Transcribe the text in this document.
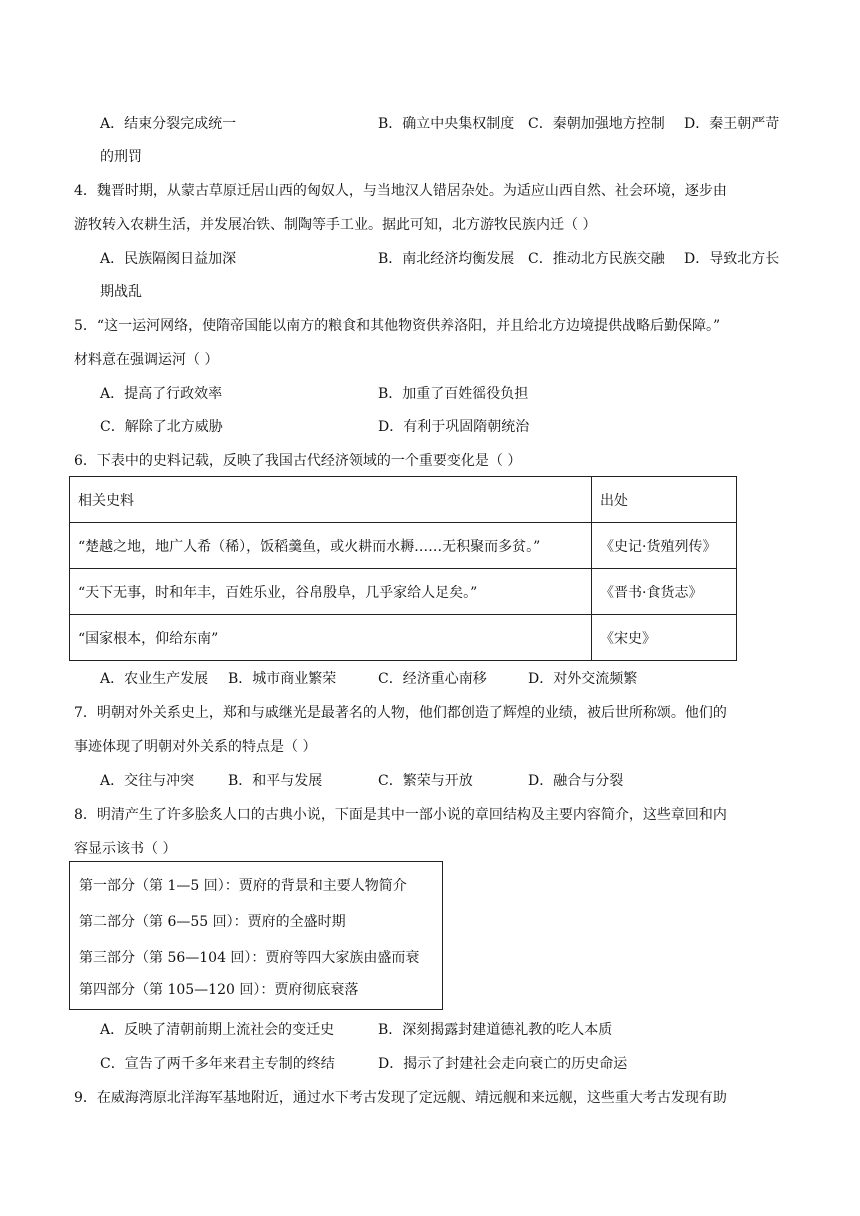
A．结束分裂完成统一	B．确立中央集权制度 C．秦朝加强地方控制 D．秦王朝严苛
的刑罚
4．魏晋时期，从蒙古草原迁居山西的匈奴人，与当地汉人错居杂处。为适应山西自然、社会环境，逐步由
游牧转入农耕生活，并发展冶铁、制陶等手工业。据此可知，北方游牧民族内迁（ ）
A．民族隔阂日益加深	B．南北经济均衡发展 C．推动北方民族交融 D．导致北方长
期战乱
5．“这一运河网络，使隋帝国能以南方的粮食和其他物资供养洛阳，并且给北方边境提供战略后勤保障。”
材料意在强调运河（ ）
A．提高了行政效率	B．加重了百姓徭役负担
C．解除了北方威胁	D．有利于巩固隋朝统治
6．下表中的史料记载，反映了我国古代经济领域的一个重要变化是（ ）
相关史料	出处
“楚越之地，地广人希（稀），饭稻羹鱼，或火耕而水耨……无积聚而多贫。”	《史记·货殖列传》
“天下无事，时和年丰，百姓乐业，谷帛殷阜，几乎家给人足矣。”	《晋书·食货志》
“国家根本，仰给东南”	《宋史》
A．农业生产发展 B．城市商业繁荣	C．经济重心南移	D．对外交流频繁
7．明朝对外关系史上，郑和与戚继光是最著名的人物，他们都创造了辉煌的业绩，被后世所称颂。他们的
事迹体现了明朝对外关系的特点是（ ）
A．交往与冲突 B．和平与发展	C．繁荣与开放	D．融合与分裂
8．明清产生了许多脍炙人口的古典小说，下面是其中一部小说的章回结构及主要内容简介，这些章回和内
容显示该书（ ）
第一部分（第 1—5 回）：贾府的背景和主要人物简介
第二部分（第 6—55 回）：贾府的全盛时期
第三部分（第 56—104 回）：贾府等四大家族由盛而衰
第四部分（第 105—120 回）：贾府彻底衰落
A．反映了清朝前期上流社会的变迁史	B．深刻揭露封建道德礼教的吃人本质
C．宣告了两千多年来君主专制的终结	D．揭示了封建社会走向衰亡的历史命运
9．在威海湾原北洋海军基地附近，通过水下考古发现了定远舰、靖远舰和来远舰，这些重大考古发现有助
